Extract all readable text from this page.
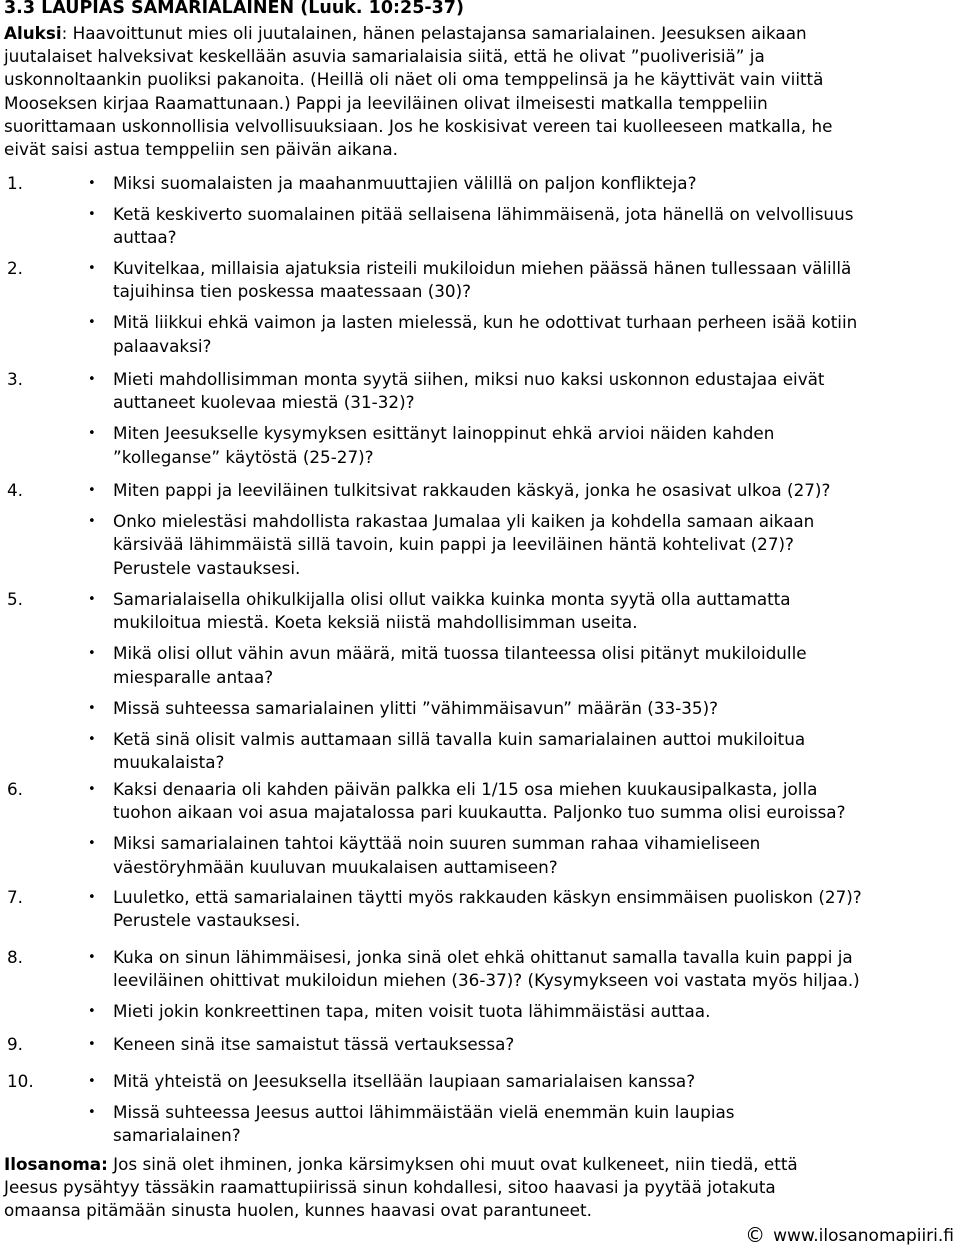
3.3 LAUPIAS SAMARIALAINEN (Luuk. 10:25-37)
Aluksi: Haavoittunut mies oli juutalainen, hänen pelastajansa samarialainen. Jeesuksen aikaan
juutalaiset halveksivat keskellään asuvia samarialaisia siitä, että he olivat ”puoliverisiä” ja
uskonnoltaankin puoliksi pakanoita. (Heillä oli näet oli oma temppelinsä ja he käyttivät vain viittä
Mooseksen kirjaa Raamattunaan.) Pappi ja leeviläinen olivat ilmeisesti matkalla temppeliin
suorittamaan uskonnollisia velvollisuuksiaan. Jos he koskisivat vereen tai kuolleeseen matkalla, he
eivät saisi astua temppeliin sen päivän aikana.
1.	• Miksi suomalaisten ja maahanmuuttajien välillä on paljon konflikteja?
• Ketä keskiverto suomalainen pitää sellaisena lähimmäisenä, jota hänellä on velvollisuus
auttaa?
2.	• Kuvitelkaa, millaisia ajatuksia risteili mukiloidun miehen päässä hänen tullessaan välillä
tajuihinsa tien poskessa maatessaan (30)?
• Mitä liikkui ehkä vaimon ja lasten mielessä, kun he odottivat turhaan perheen isää kotiin
palaavaksi?
3.	• Mieti mahdollisimman monta syytä siihen, miksi nuo kaksi uskonnon edustajaa eivät
auttaneet kuolevaa miestä (31-32)?
• Miten Jeesukselle kysymyksen esittänyt lainoppinut ehkä arvioi näiden kahden
”kolleganse” käytöstä (25-27)?
4.	• Miten pappi ja leeviläinen tulkitsivat rakkauden käskyä, jonka he osasivat ulkoa (27)?
• Onko mielestäsi mahdollista rakastaa Jumalaa yli kaiken ja kohdella samaan aikaan
kärsivää lähimmäistä sillä tavoin, kuin pappi ja leeviläinen häntä kohtelivat (27)?
Perustele vastauksesi.
5.	• Samarialaisella ohikulkijalla olisi ollut vaikka kuinka monta syytä olla auttamatta
mukiloitua miestä. Koeta keksiä niistä mahdollisimman useita.
• Mikä olisi ollut vähin avun määrä, mitä tuossa tilanteessa olisi pitänyt mukiloidulle
miesparalle antaa?
• Missä suhteessa samarialainen ylitti ”vähimmäisavun” määrän (33-35)?
• Ketä sinä olisit valmis auttamaan sillä tavalla kuin samarialainen auttoi mukiloitua
muukalaista?
6.	• Kaksi denaaria oli kahden päivän palkka eli 1/15 osa miehen kuukausipalkasta, jolla
tuohon aikaan voi asua majatalossa pari kuukautta. Paljonko tuo summa olisi euroissa?
• Miksi samarialainen tahtoi käyttää noin suuren summan rahaa vihamieliseen
väestöryhmään kuuluvan muukalaisen auttamiseen?
7.	• Luuletko, että samarialainen täytti myös rakkauden käskyn ensimmäisen puoliskon (27)?
Perustele vastauksesi.
8.	• Kuka on sinun lähimmäisesi, jonka sinä olet ehkä ohittanut samalla tavalla kuin pappi ja
leeviläinen ohittivat mukiloidun miehen (36-37)? (Kysymykseen voi vastata myös hiljaa.)
• Mieti jokin konkreettinen tapa, miten voisit tuota lähimmäistäsi auttaa.
9.	• Keneen sinä itse samaistut tässä vertauksessa?
10.	• Mitä yhteistä on Jeesuksella itsellään laupiaan samarialaisen kanssa?
• Missä suhteessa Jeesus auttoi lähimmäistään vielä enemmän kuin laupias
samarialainen?
Ilosanoma: Jos sinä olet ihminen, jonka kärsimyksen ohi muut ovat kulkeneet, niin tiedä, että
Jeesus pysähtyy tässäkin raamattupiirissä sinun kohdallesi, sitoo haavasi ja pyytää jotakuta
omaansa pitämään sinusta huolen, kunnes haavasi ovat parantuneet.
© www.ilosanomapiiri.fi
